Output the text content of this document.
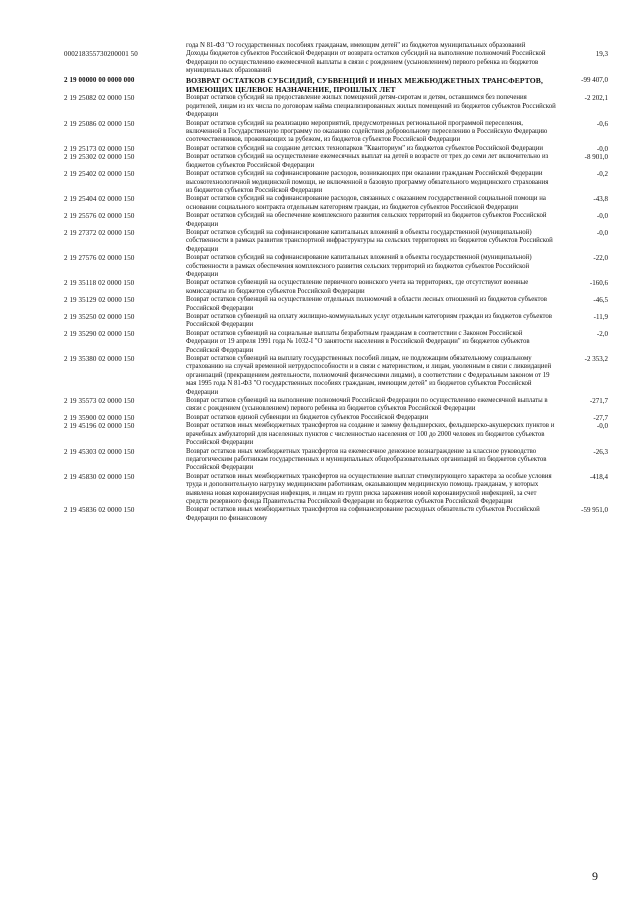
	года N 81-ФЗ "О государственных пособиях гражданам, имеющим детей" из бюджетов муниципальных образований	
000218355730200001 50	Доходы бюджетов субъектов Российской Федерации от возврата остатков субсидий на выполнение полномочий Российской Федерации по осуществлению ежемесячной выплаты в связи с рождением (усыновлением) первого ребенка из бюджетов муниципальных образований	19,3
2 19 00000 00 0000 000	ВОЗВРАТ ОСТАТКОВ СУБСИДИЙ, СУБВЕНЦИЙ И ИНЫХ МЕЖБЮДЖЕТНЫХ ТРАНСФЕРТОВ, ИМЕЮЩИХ ЦЕЛЕВОЕ НАЗНАЧЕНИЕ, ПРОШЛЫХ ЛЕТ	-99 407,0
2 19 25082 02 0000 150	Возврат остатков субсидий на предоставление жилых помещений детям-сиротам и детям, оставшимся без попечения родителей, лицам из их числа по договорам найма специализированных жилых помещений из бюджетов субъектов Российской Федерации	-2 202,1
2 19 25086 02 0000 150	Возврат остатков субсидий на реализацию мероприятий, предусмотренных региональной программой переселения, включенной в Государственную программу по оказанию содействия добровольному переселению в Российскую Федерацию соотечественников, проживающих за рубежом, из бюджетов субъектов Российской Федерации	-0,6
2 19 25173 02 0000 150	Возврат остатков субсидий на создание детских технопарков "Кванториум" из бюджетов субъектов Российской Федерации	-0,0
2 19 25302 02 0000 150	Возврат остатков субсидий на осуществление ежемесячных выплат на детей в возрасте от трех до семи лет включительно из бюджетов субъектов Российской Федерации	-8 901,0
2 19 25402 02 0000 150	Возврат остатков субсидий на софинансирование расходов, возникающих при оказании гражданам Российской Федерации высокотехнологичной медицинской помощи, не включенной в базовую программу обязательного медицинского страхования из бюджетов субъектов Российской Федерации	-0,2
2 19 25404 02 0000 150	Возврат остатков субсидий на софинансирование расходов, связанных с оказанием государственной социальной помощи на основании социального контракта отдельным категориям граждан, из бюджетов субъектов Российской Федерации	-43,8
2 19 25576 02 0000 150	Возврат остатков субсидий на обеспечение комплексного развития сельских территорий из бюджетов субъектов Российской Федерации	-0,0
2 19 27372 02 0000 150	Возврат остатков субсидий на софинансирование капитальных вложений в объекты государственной (муниципальной) собственности в рамках развития транспортной инфраструктуры на сельских территориях из бюджетов субъектов Российской Федерации	-0,0
2 19 27576 02 0000 150	Возврат остатков субсидий на софинансирование капитальных вложений в объекты государственной (муниципальной) собственности в рамках обеспечения комплексного развития сельских территорий из бюджетов субъектов Российской Федерации	-22,0
2 19 35118 02 0000 150	Возврат остатков субвенций на осуществление первичного воинского учета на территориях, где отсутствуют военные комиссариаты из бюджетов субъектов Российской Федерации	-160,6
2 19 35129 02 0000 150	Возврат остатков субвенций на осуществление отдельных полномочий в области лесных отношений из бюджетов субъектов Российской Федерации	-46,5
2 19 35250 02 0000 150	Возврат остатков субвенций на оплату жилищно-коммунальных услуг отдельным категориям граждан из бюджетов субъектов Российской Федерации	-11,9
2 19 35290 02 0000 150	Возврат остатков субвенций на социальные выплаты безработным гражданам в соответствии с Законом Российской Федерации от 19 апреля 1991 года № 1032-I "О занятости населения в Российской Федерации" из бюджетов субъектов Российской Федерации	-2,0
2 19 35380 02 0000 150	Возврат остатков субвенций на выплату государственных пособий лицам, не подлежащим обязательному социальному страхованию на случай временной нетрудоспособности и в связи с материнством, и лицам, уволенным в связи с ликвидацией организаций (прекращением деятельности, полномочий физическими лицами), в соответствии с Федеральным законом от 19 мая 1995 года N 81-ФЗ "О государственных пособиях гражданам, имеющим детей" из бюджетов субъектов Российской Федерации	-2 353,2
2 19 35573 02 0000 150	Возврат остатков субвенций на выполнение полномочий Российской Федерации по осуществлению ежемесячной выплаты в связи с рождением (усыновлением) первого ребенка из бюджетов субъектов Российской Федерации	-271,7
2 19 35900 02 0000 150	Возврат остатков единой субвенции из бюджетов субъектов Российской Федерации	-27,7
2 19 45196 02 0000 150	Возврат остатков иных межбюджетных трансфертов на создание и замену фельдшерских, фельдшерско-акушерских пунктов и врачебных амбулаторий для населенных пунктов с численностью населения от 100 до 2000 человек из бюджетов субъектов Российской Федерации	-0,0
2 19 45303 02 0000 150	Возврат остатков иных межбюджетных трансфертов на ежемесячное денежное вознаграждение за классное руководство педагогическим работникам государственных и муниципальных общеобразовательных организаций из бюджетов субъектов Российской Федерации	-26,3
2 19 45830 02 0000 150	Возврат остатков иных межбюджетных трансфертов на осуществление выплат стимулирующего характера за особые условия труда и дополнительную нагрузку медицинским работникам, оказывающим медицинскую помощь гражданам, у которых выявлена новая коронавирусная инфекция, и лицам из групп риска заражения новой коронавирусной инфекцией, за счет средств резервного фонда Правительства Российской Федерации из бюджетов субъектов Российской Федерации	-418,4
2 19 45836 02 0000 150	Возврат остатков иных межбюджетных трансфертов на софинансирование расходных обязательств субъектов Российской Федерации по финансовому	-59 951,0
9
